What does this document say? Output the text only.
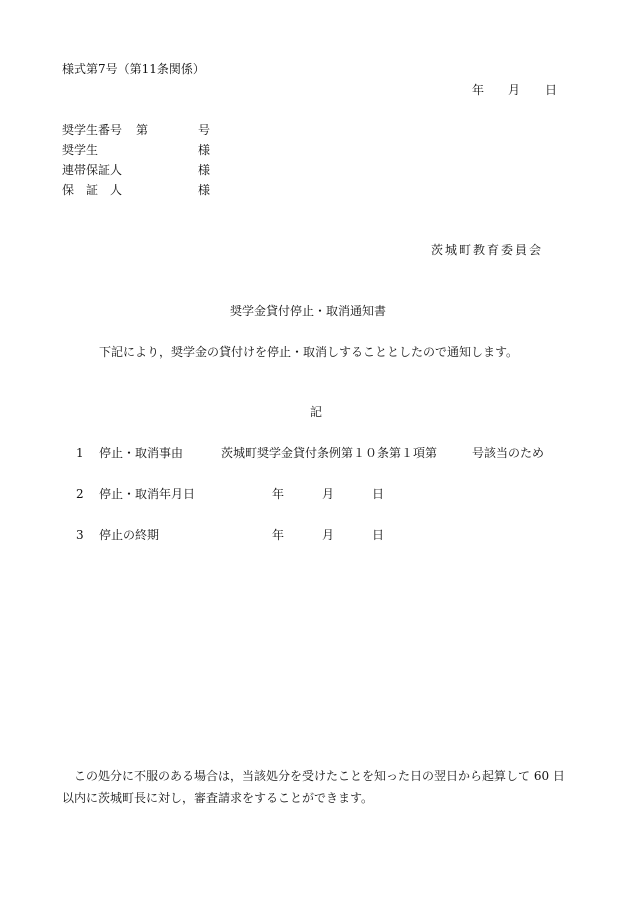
様式第7号（第11条関係）
年 月 日
奨学生番号 第	号
奨学生	様
連帯保証人	様
保　証　人	様
茨城町教育委員会
奨学金貸付停止・取消通知書
下記により，奨学金の貸付けを停止・取消しすることとしたので通知します。
記
1 停止・取消事由	茨城町奨学金貸付条例第１０条第１項第	号該当のため
2 停止・取消年月日	年	月	日
3 停止の終期	年	月	日
この処分に不服のある場合は，当該処分を受けたことを知った日の翌日から起算して 60 日
以内に茨城町長に対し，審査請求をすることができます。
